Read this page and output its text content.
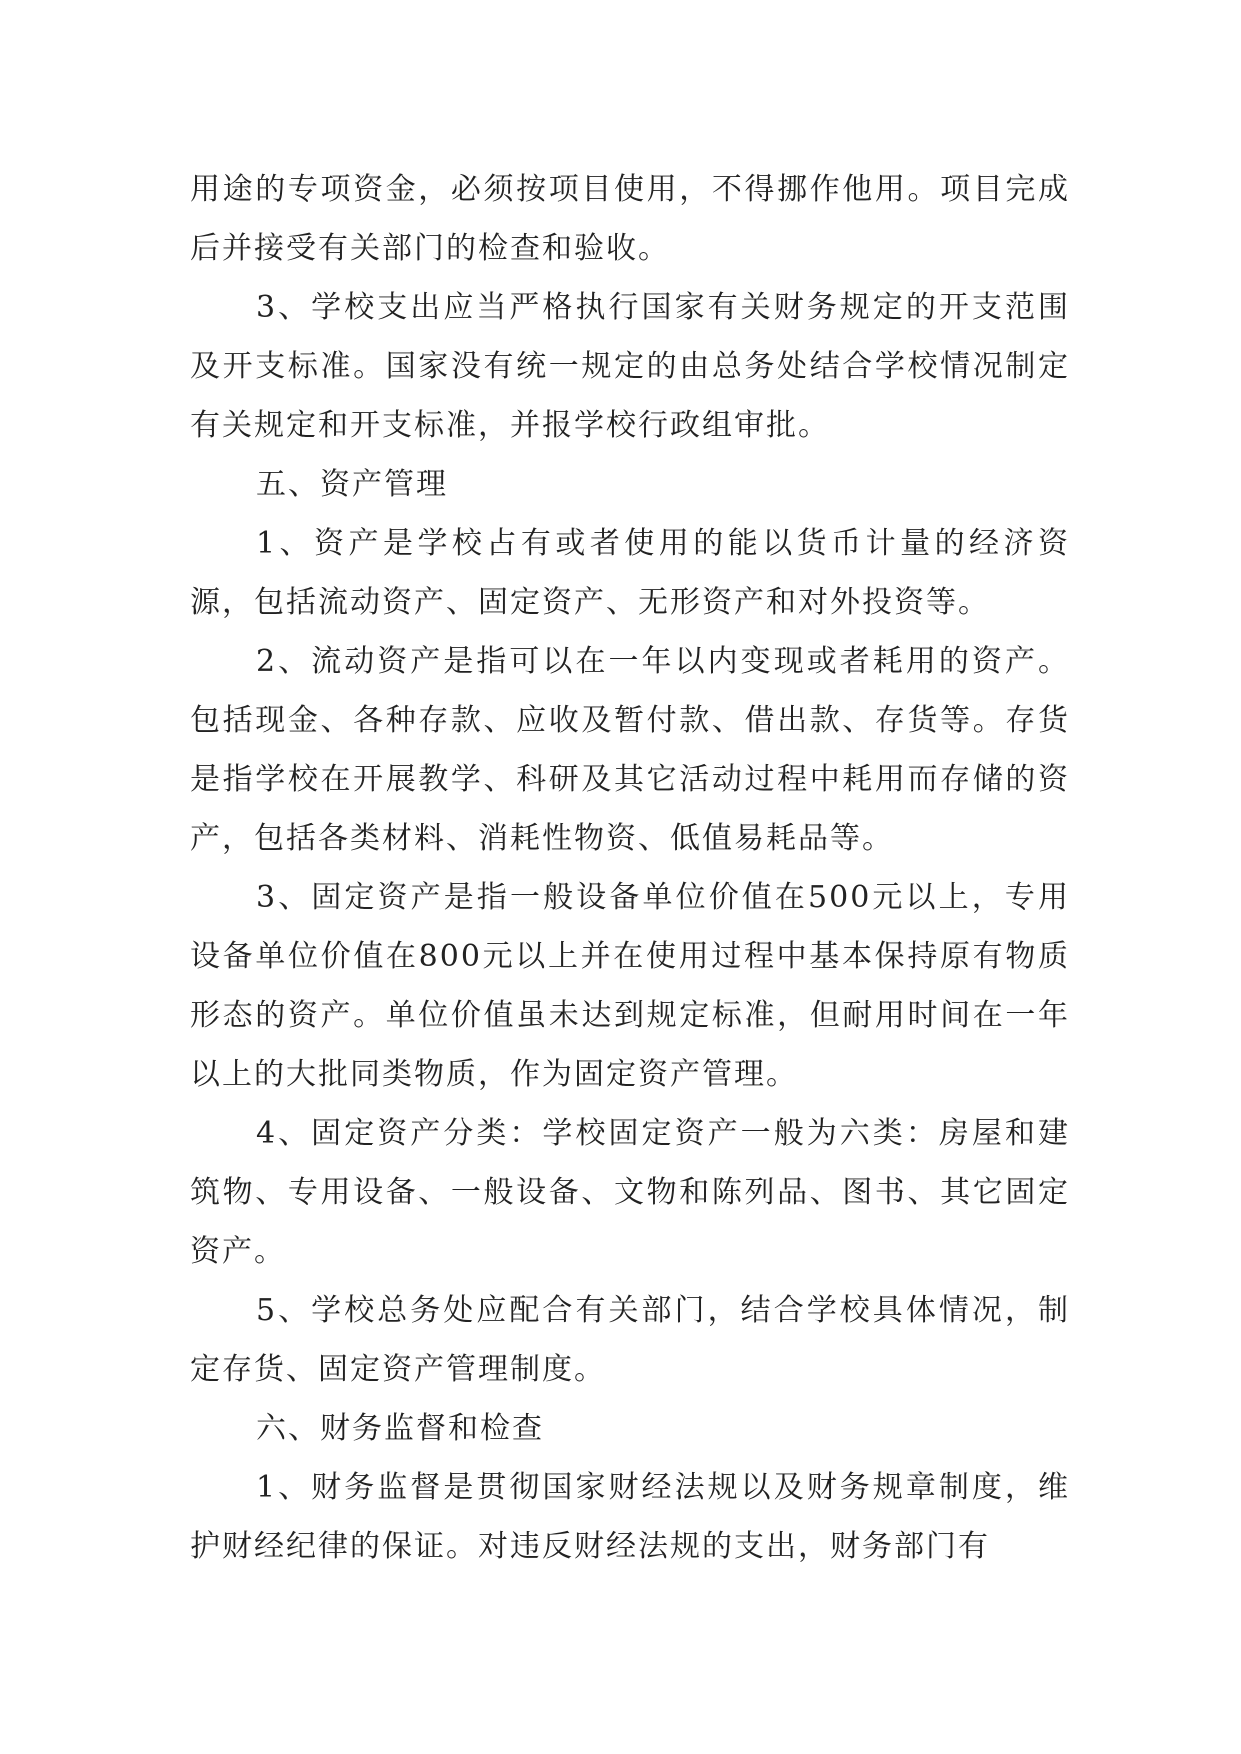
用途的专项资金，必须按项目使用，不得挪作他用。项目完成后并接受有关部门的检查和验收。

3、学校支出应当严格执行国家有关财务规定的开支范围及开支标准。国家没有统一规定的由总务处结合学校情况制定有关规定和开支标准，并报学校行政组审批。

五、资产管理

1、资产是学校占有或者使用的能以货币计量的经济资源，包括流动资产、固定资产、无形资产和对外投资等。

2、流动资产是指可以在一年以内变现或者耗用的资产。包括现金、各种存款、应收及暂付款、借出款、存货等。存货是指学校在开展教学、科研及其它活动过程中耗用而存储的资产，包括各类材料、消耗性物资、低值易耗品等。

3、固定资产是指一般设备单位价值在500元以上，专用设备单位价值在800元以上并在使用过程中基本保持原有物质形态的资产。单位价值虽未达到规定标准，但耐用时间在一年以上的大批同类物质，作为固定资产管理。

4、固定资产分类：学校固定资产一般为六类：房屋和建筑物、专用设备、一般设备、文物和陈列品、图书、其它固定资产。

5、学校总务处应配合有关部门，结合学校具体情况，制定存货、固定资产管理制度。

六、财务监督和检查

1、财务监督是贯彻国家财经法规以及财务规章制度，维护财经纪律的保证。对违反财经法规的支出，财务部门有
